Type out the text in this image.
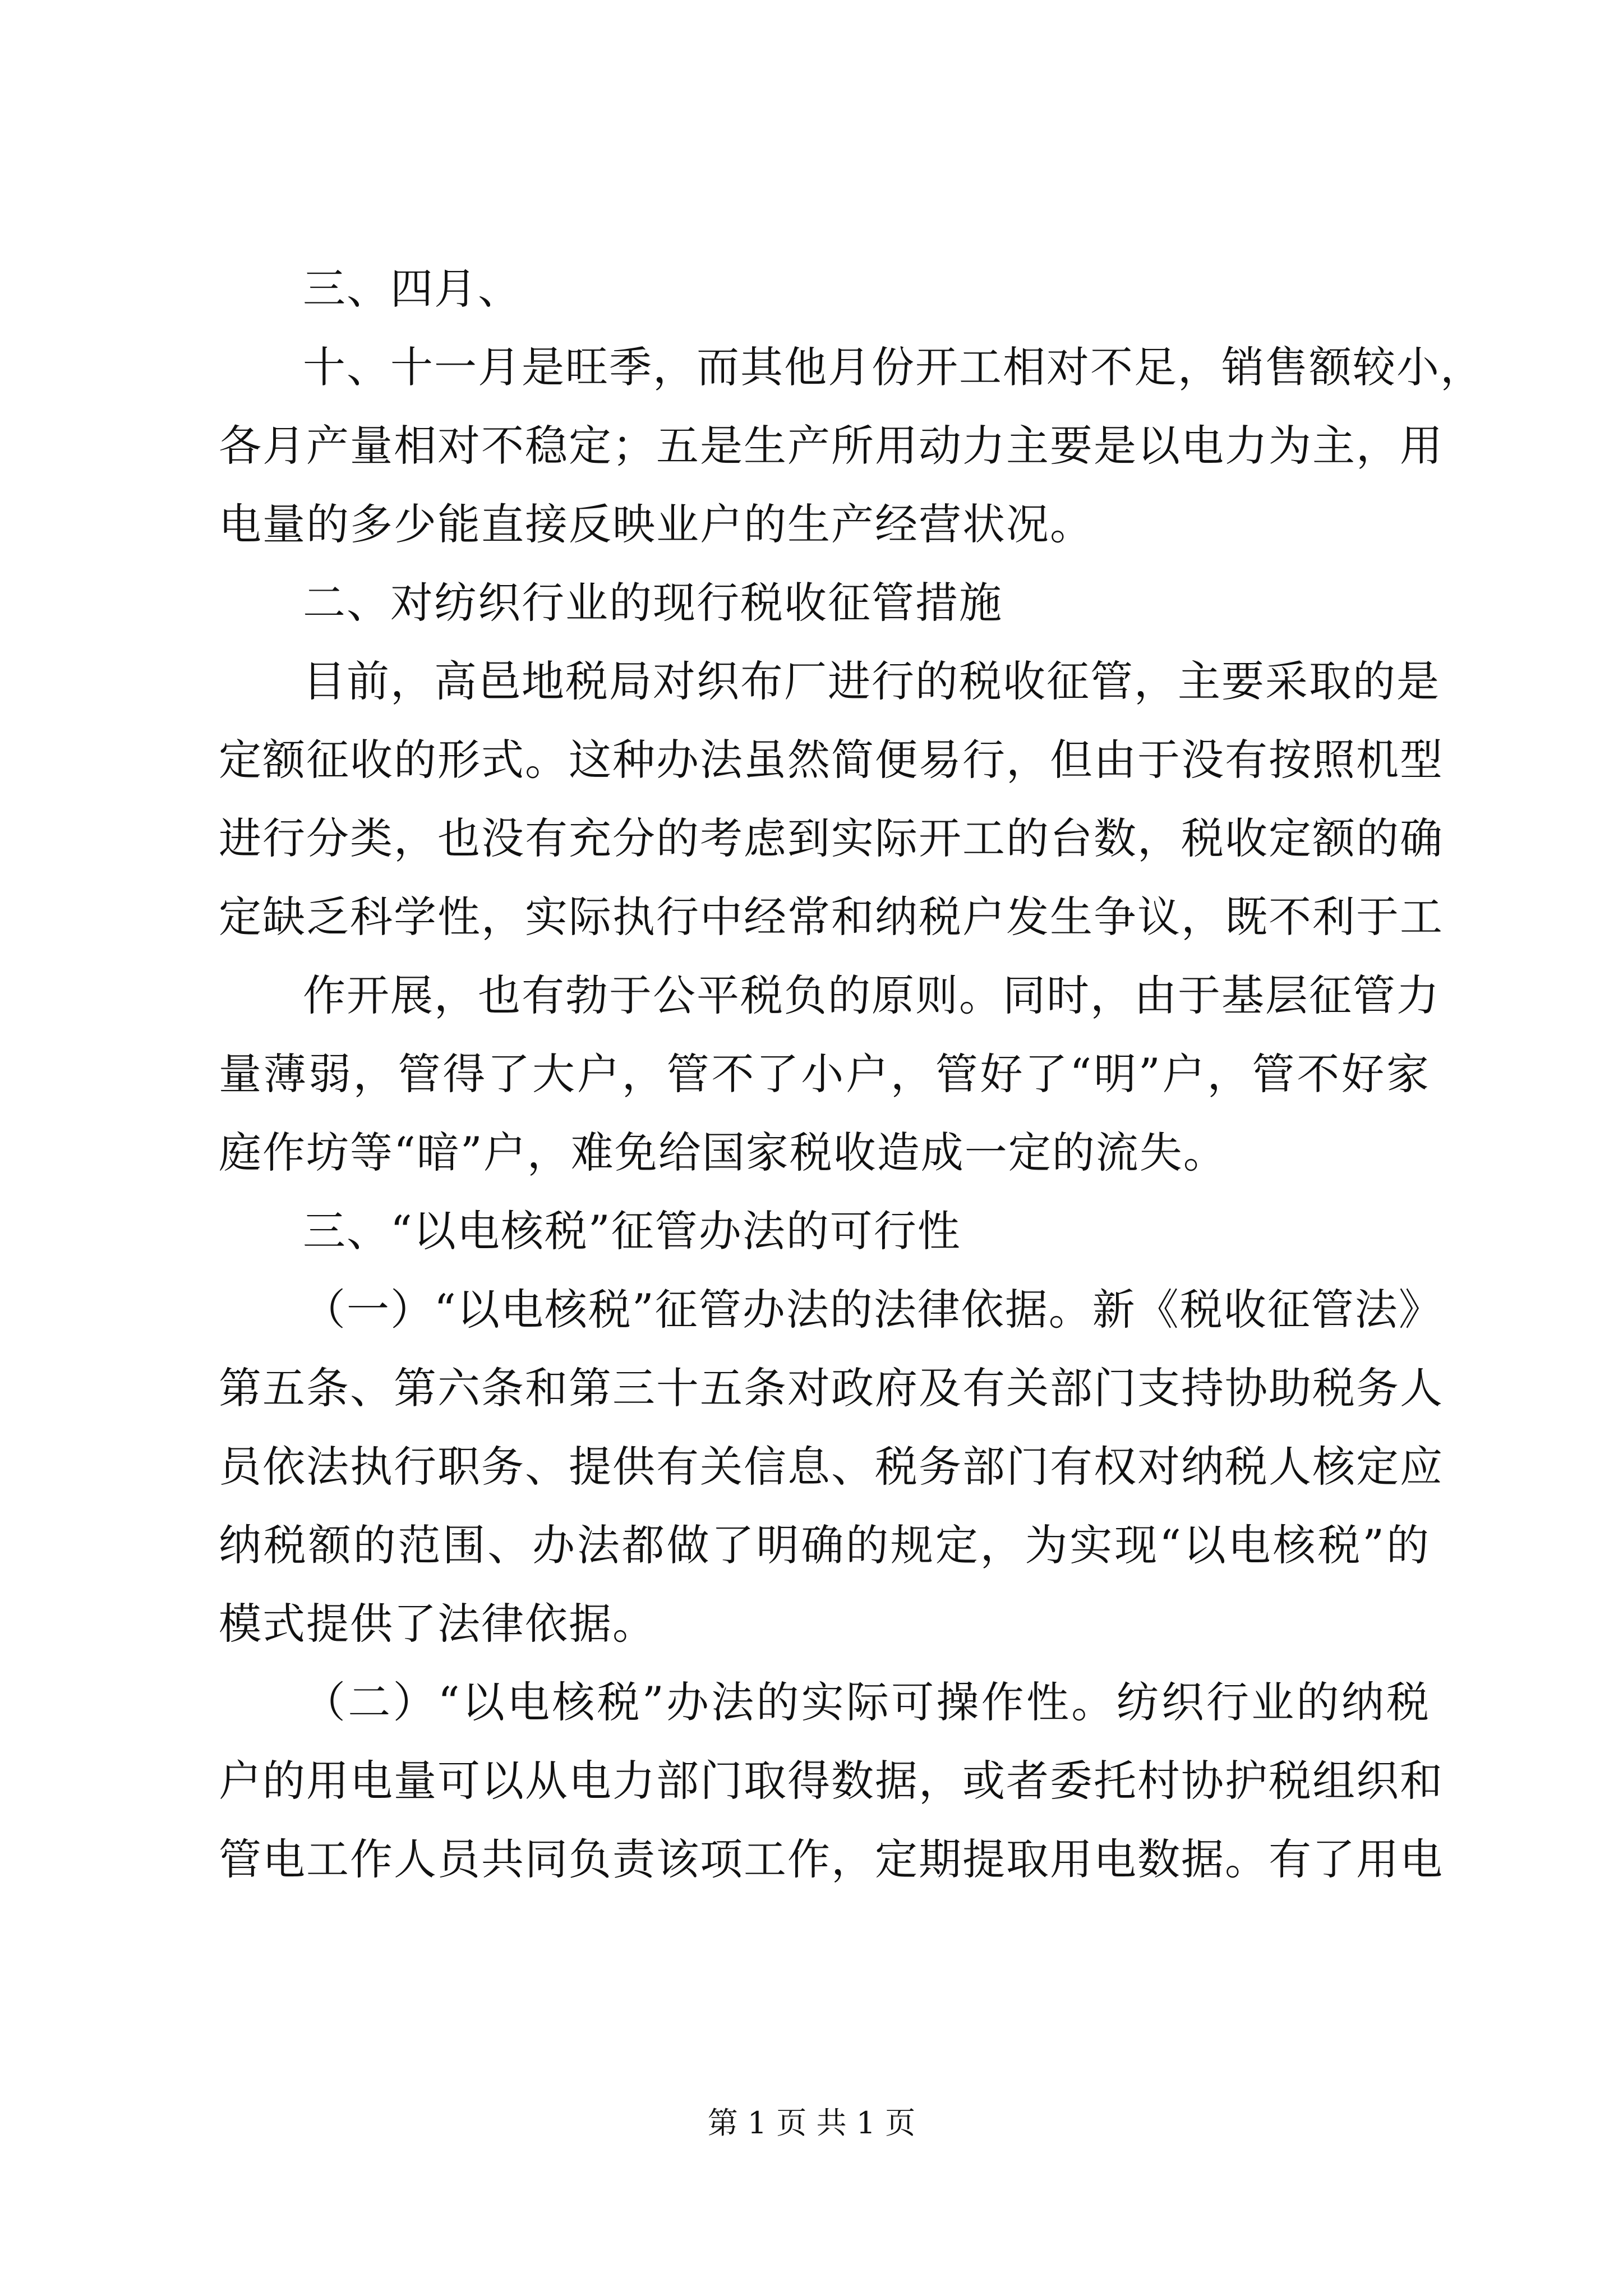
三、四月、
十、十一月是旺季，而其他月份开工相对不足，销售额较小，
各月产量相对不稳定；五是生产所用动力主要是以电力为主，用
电量的多少能直接反映业户的生产经营状况。
二、对纺织行业的现行税收征管措施
目前，高邑地税局对织布厂进行的税收征管，主要采取的是
定额征收的形式。这种办法虽然简便易行，但由于没有按照机型
进行分类，也没有充分的考虑到实际开工的台数，税收定额的确
定缺乏科学性，实际执行中经常和纳税户发生争议，既不利于工
作开展，也有勃于公平税负的原则。同时，由于基层征管力
量薄弱，管得了大户，管不了小户，管好了“明”户，管不好家
庭作坊等“暗”户，难免给国家税收造成一定的流失。
三、“以电核税”征管办法的可行性
（一）“以电核税”征管办法的法律依据。新《税收征管法》
第五条、第六条和第三十五条对政府及有关部门支持协助税务人
员依法执行职务、提供有关信息、税务部门有权对纳税人核定应
纳税额的范围、办法都做了明确的规定，为实现“以电核税”的
模式提供了法律依据。
（二）“以电核税”办法的实际可操作性。纺织行业的纳税
户的用电量可以从电力部门取得数据，或者委托村协护税组织和
管电工作人员共同负责该项工作，定期提取用电数据。有了用电
第 1 页 共 1 页
